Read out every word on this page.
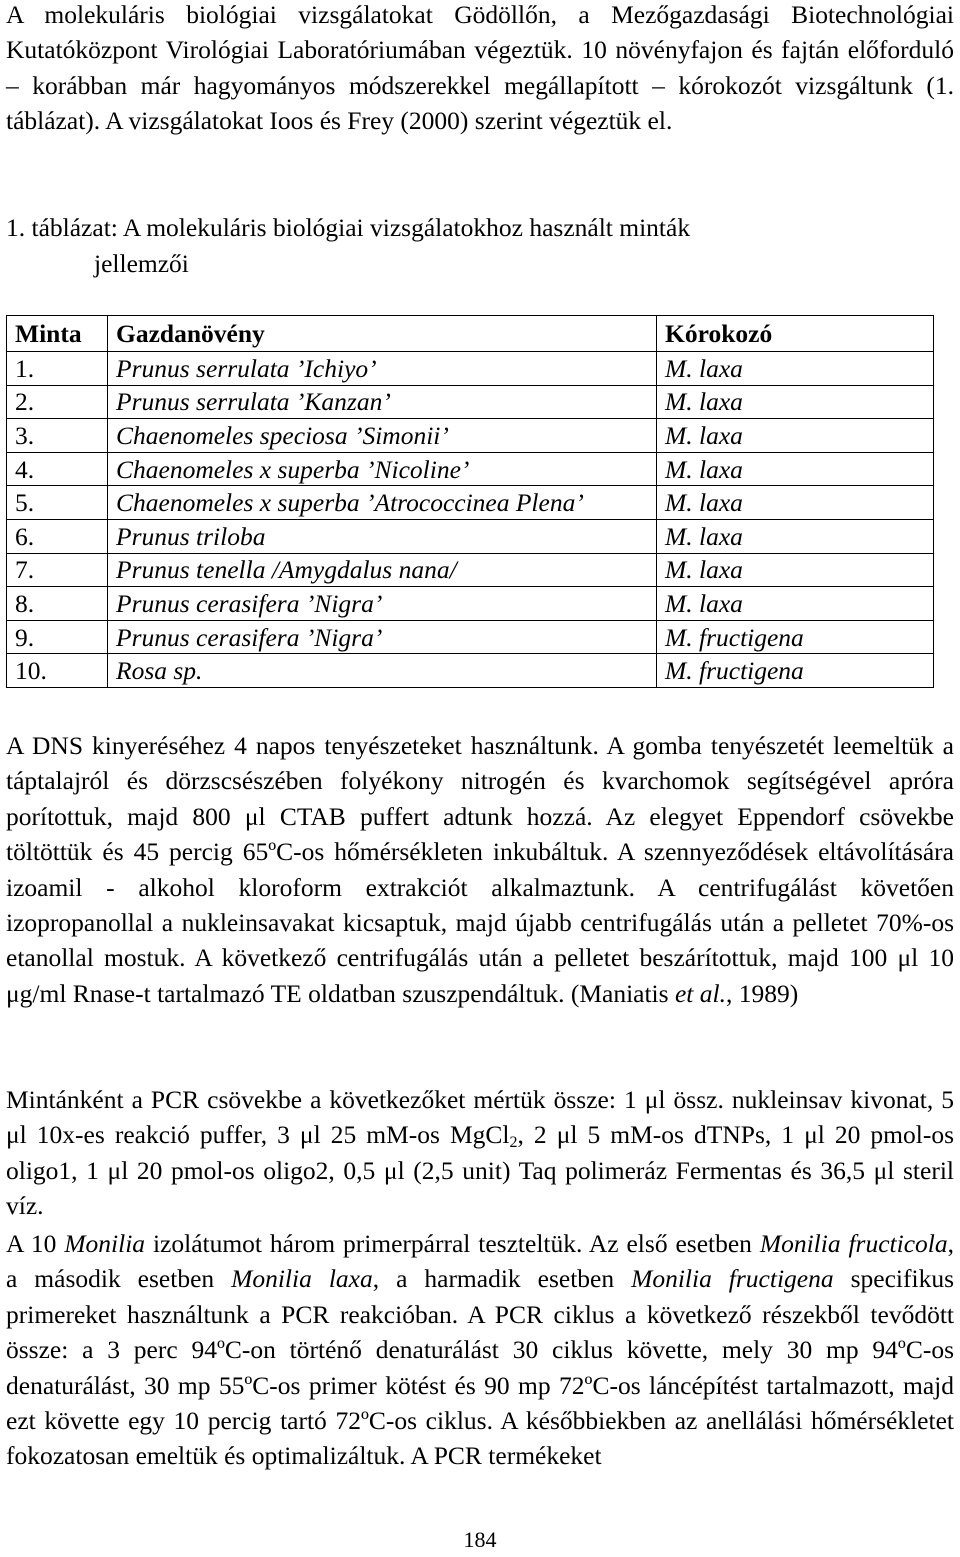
A molekuláris biológiai vizsgálatokat Gödöllőn, a Mezőgazdasági Biotechnológiai Kutatóközpont Virológiai Laboratóriumában végeztük. 10 növényfajon és fajtán előforduló – korábban már hagyományos módszerekkel megállapított – kórokozót vizsgáltunk (1. táblázat). A vizsgálatokat Ioos és Frey (2000) szerint végeztük el.

1. táblázat: A molekuláris biológiai vizsgálatokhoz használt minták
jellemzői

Minta	Gazdanövény	Kórokozó
1.	Prunus serrulata ’Ichiyo’	M. laxa
2.	Prunus serrulata ’Kanzan’	M. laxa
3.	Chaenomeles speciosa ’Simonii’	M. laxa
4.	Chaenomeles x superba ’Nicoline’	M. laxa
5.	Chaenomeles x superba ’Atrococcinea Plena’	M. laxa
6.	Prunus triloba	M. laxa
7.	Prunus tenella /Amygdalus nana/	M. laxa
8.	Prunus cerasifera ’Nigra’	M. laxa
9.	Prunus cerasifera ’Nigra’	M. fructigena
10.	Rosa sp.	M. fructigena

A DNS kinyeréséhez 4 napos tenyészeteket használtunk. A gomba tenyészetét leemeltük a táptalajról és dörzscsészében folyékony nitrogén és kvarchomok segítségével apróra porítottuk, majd 800 μl CTAB puffert adtunk hozzá. Az elegyet Eppendorf csövekbe töltöttük és 45 percig 65ºC-os hőmérsékleten inkubáltuk. A szennyeződések eltávolítására izoamil - alkohol kloroform extrakciót alkalmaztunk. A centrifugálást követően izopropanollal a nukleinsavakat kicsaptuk, majd újabb centrifugálás után a pelletet 70%-os etanollal mostuk. A következő centrifugálás után a pelletet beszárítottuk, majd 100 μl 10 μg/ml Rnase-t tartalmazó TE oldatban szuszpendáltuk. (Maniatis et al., 1989)

Mintánként a PCR csövekbe a következőket mértük össze: 1 μl össz. nukleinsav kivonat, 5 μl 10x-es reakció puffer, 3 μl 25 mM-os MgCl$_2$, 2 μl 5 mM-os dTNPs, 1 μl 20 pmol-os oligo1, 1 μl 20 pmol-os oligo2, 0,5 μl (2,5 unit) Taq polimeráz Fermentas és 36,5 μl steril víz.

A 10 Monilia izolátumot három primerpárral teszteltük. Az első esetben Monilia fructicola, a második esetben Monilia laxa, a harmadik esetben Monilia fructigena specifikus primereket használtunk a PCR reakcióban. A PCR ciklus a következő részekből tevődött össze: a 3 perc 94ºC-on történő denaturálást 30 ciklus követte, mely 30 mp 94ºC-os denaturálást, 30 mp 55ºC-os primer kötést és 90 mp 72ºC-os láncépítést tartalmazott, majd ezt követte egy 10 percig tartó 72ºC-os ciklus. A későbbiekben az anellálási hőmérsékletet fokozatosan emeltük és optimalizáltuk. A PCR termékeket

184
